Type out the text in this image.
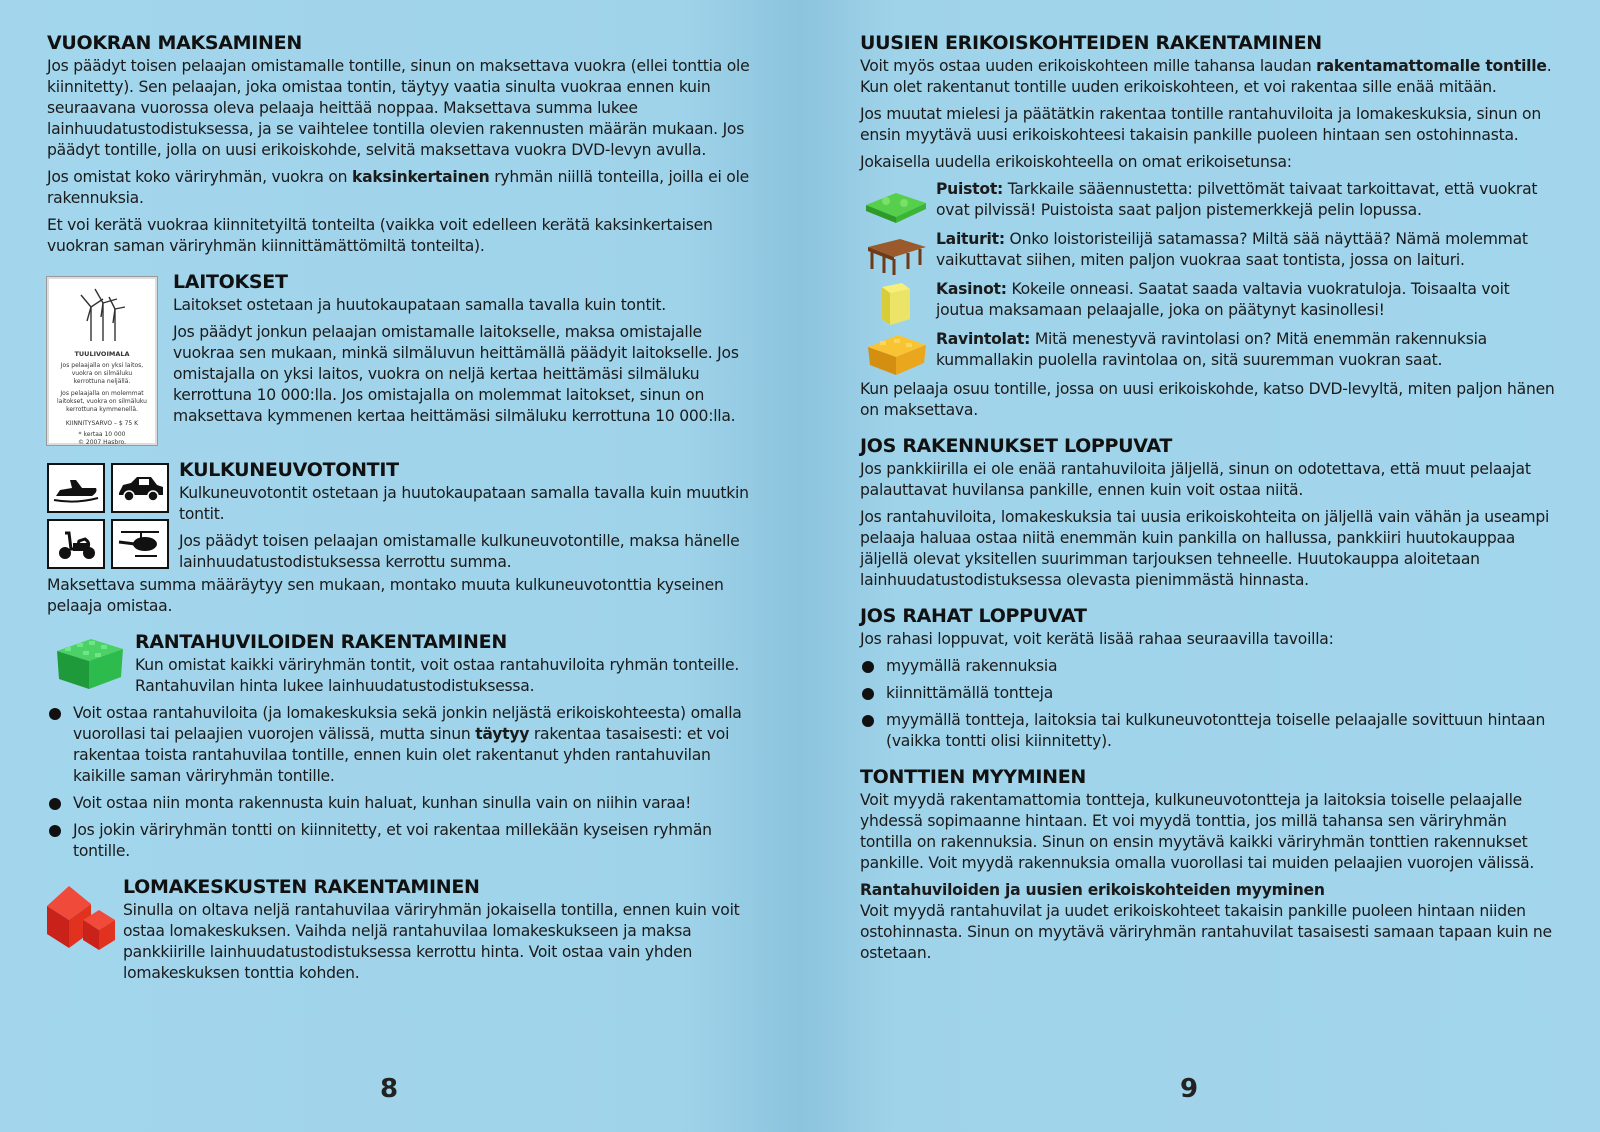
VUOKRAN MAKSAMINEN

Jos päädyt toisen pelaajan omistamalle tontille, sinun on maksettava vuokra (ellei tonttia ole kiinnitetty). Sen pelaajan, joka omistaa tontin, täytyy vaatia sinulta vuokraa ennen kuin seuraavana vuorossa oleva pelaaja heittää noppaa. Maksettava summa lukee lainhuudatustodistuksessa, ja se vaihtelee tontilla olevien rakennusten määrän mukaan. Jos päädyt tontille, jolla on uusi erikoiskohde, selvitä maksettava vuokra DVD-levyn avulla.

Jos omistat koko väriryhmän, vuokra on kaksinkertainen ryhmän niillä tonteilla, joilla ei ole rakennuksia.

Et voi kerätä vuokraa kiinnitetyiltä tonteilta (vaikka voit edelleen kerätä kaksinkertaisen vuokran saman väriryhmän kiinnittämättömiltä tonteilta).

TUULIVOIMALA
Jos pelaajalla on yksi laitos, vuokra on silmäluku kerrottuna neljällä.
Jos pelaajalla on molemmat laitokset, vuokra on silmäluku kerrottuna kymmenellä.
KIINNITYSARVO – $ 75 K
* kertaa 10 000
© 2007 Hasbro.
LAITOKSET

Laitokset ostetaan ja huutokaupataan samalla tavalla kuin tontit.

Jos päädyt jonkun pelaajan omistamalle laitokselle, maksa omistajalle vuokraa sen mukaan, minkä silmäluvun heittämällä päädyit laitokselle. Jos omistajalla on yksi laitos, vuokra on neljä kertaa heittämäsi silmäluku kerrottuna 10 000:lla. Jos omistajalla on molemmat laitokset, sinun on maksettava kymmenen kertaa heittämäsi silmäluku kerrottuna 10 000:lla.

KULKUNEUVOTONTIT

Kulkuneuvotontit ostetaan ja huutokaupataan samalla tavalla kuin muutkin tontit.

Jos päädyt toisen pelaajan omistamalle kulkuneuvotontille, maksa hänelle lainhuudatustodistuksessa kerrottu summa.

Maksettava summa määräytyy sen mukaan, montako muuta kulkuneuvotonttia kyseinen pelaaja omistaa.

RANTAHUVILOIDEN RAKENTAMINEN

Kun omistat kaikki väriryhmän tontit, voit ostaa rantahuviloita ryhmän tonteille. Rantahuvilan hinta lukee lainhuudatustodistuksessa.

Voit ostaa rantahuviloita (ja lomakeskuksia sekä jonkin neljästä erikoiskohteesta) omalla vuorollasi tai pelaajien vuorojen välissä, mutta sinun täytyy rakentaa tasaisesti: et voi rakentaa toista rantahuvilaa tontille, ennen kuin olet rakentanut yhden rantahuvilan kaikille saman väriryhmän tontille.
Voit ostaa niin monta rakennusta kuin haluat, kunhan sinulla vain on niihin varaa!
Jos jokin väriryhmän tontti on kiinnitetty, et voi rakentaa millekään kyseisen ryhmän tontille.
LOMAKESKUSTEN RAKENTAMINEN

Sinulla on oltava neljä rantahuvilaa väriryhmän jokaisella tontilla, ennen kuin voit ostaa lomakeskuksen. Vaihda neljä rantahuvilaa lomakeskukseen ja maksa pankkiirille lainhuudatustodistuksessa kerrottu hinta. Voit ostaa vain yhden lomakeskuksen tonttia kohden.

8
UUSIEN ERIKOISKOHTEIDEN RAKENTAMINEN

Voit myös ostaa uuden erikoiskohteen mille tahansa laudan rakentamattomalle tontille. Kun olet rakentanut tontille uuden erikoiskohteen, et voi rakentaa sille enää mitään.

Jos muutat mielesi ja päätätkin rakentaa tontille rantahuviloita ja lomakeskuksia, sinun on ensin myytävä uusi erikoiskohteesi takaisin pankille puoleen hintaan sen ostohinnasta.

Jokaisella uudella erikoiskohteella on omat erikoisetunsa:

Puistot: Tarkkaile sääennustetta: pilvettömät taivaat tarkoittavat, että vuokrat ovat pilvissä! Puistoista saat paljon pistemerkkejä pelin lopussa.

Laiturit: Onko loistoristeilijä satamassa? Miltä sää näyttää? Nämä molemmat vaikuttavat siihen, miten paljon vuokraa saat tontista, jossa on laituri.

Kasinot: Kokeile onneasi. Saatat saada valtavia vuokratuloja. Toisaalta voit joutua maksamaan pelaajalle, joka on päätynyt kasinollesi!

Ravintolat: Mitä menestyvä ravintolasi on? Mitä enemmän rakennuksia kummallakin puolella ravintolaa on, sitä suuremman vuokran saat.

Kun pelaaja osuu tontille, jossa on uusi erikoiskohde, katso DVD-levyltä, miten paljon hänen on maksettava.

JOS RAKENNUKSET LOPPUVAT

Jos pankkiirilla ei ole enää rantahuviloita jäljellä, sinun on odotettava, että muut pelaajat palauttavat huvilansa pankille, ennen kuin voit ostaa niitä.

Jos rantahuviloita, lomakeskuksia tai uusia erikoiskohteita on jäljellä vain vähän ja useampi pelaaja haluaa ostaa niitä enemmän kuin pankilla on hallussa, pankkiiri huutokauppaa jäljellä olevat yksitellen suurimman tarjouksen tehneelle. Huutokauppa aloitetaan lainhuudatustodistuksessa olevasta pienimmästä hinnasta.

JOS RAHAT LOPPUVAT

Jos rahasi loppuvat, voit kerätä lisää rahaa seuraavilla tavoilla:

myymällä rakennuksia
kiinnittämällä tontteja
myymällä tontteja, laitoksia tai kulkuneuvotontteja toiselle pelaajalle sovittuun hintaan (vaikka tontti olisi kiinnitetty).
TONTTIEN MYYMINEN

Voit myydä rakentamattomia tontteja, kulkuneuvotontteja ja laitoksia toiselle pelaajalle yhdessä sopimaanne hintaan. Et voi myydä tonttia, jos millä tahansa sen väriryhmän tontilla on rakennuksia. Sinun on ensin myytävä kaikki väriryhmän tonttien rakennukset pankille. Voit myydä rakennuksia omalla vuorollasi tai muiden pelaajien vuorojen välissä.

Rantahuviloiden ja uusien erikoiskohteiden myyminen

Voit myydä rantahuvilat ja uudet erikoiskohteet takaisin pankille puoleen hintaan niiden ostohinnasta. Sinun on myytävä väriryhmän rantahuvilat tasaisesti samaan tapaan kuin ne ostetaan.

9
